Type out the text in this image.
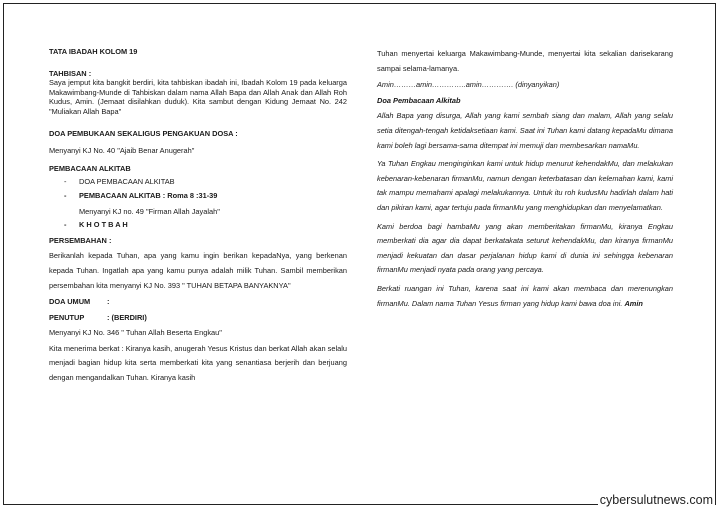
TATA IBADAH KOLOM 19

TAHBISAN :

Saya jemput kita bangkit berdiri, kita tahbiskan ibadah ini, Ibadah Kolom 19 pada keluarga Makawimbang-Munde di Tahbiskan dalam nama Allah Bapa dan Allah Anak dan Allah Roh Kudus, Amin. (Jemaat disilahkan duduk). Kita sambut dengan Kidung Jemaat No. 242 "Muliakan Allah Bapa"

DOA PEMBUKAAN SEKALIGUS PENGAKUAN DOSA :

Menyanyi KJ No. 40 "Ajaib Benar Anugerah"

PEMBACAAN ALKITAB

- DOA PEMBACAAN ALKITAB
- PEMBACAAN ALKITAB : Roma 8 :31-39

Menyanyi KJ no. 49 "Firman Allah Jayalah"

- K H O T B A H

PERSEMBAHAN :

Berikanlah kepada Tuhan, apa yang kamu ingin berikan kepadaNya, yang berkenan kepada Tuhan. Ingatlah apa yang kamu punya adalah milik Tuhan. Sambil memberikan persembahan kita menyanyi KJ No. 393 " TUHAN BETAPA BANYAKNYA"

DOA UMUM	:
PENUTUP	: (BERDIRI)

Menyanyi KJ No. 346 " Tuhan Allah Beserta Engkau"

Kita menerima berkat : Kiranya kasih, anugerah Yesus Kristus dan berkat Allah akan selalu menjadi bagian hidup kita serta memberkati kita yang senantiasa berjerih dan berjuang dengan mengandalkan Tuhan. Kiranya kasih

Tuhan menyertai keluarga Makawimbang-Munde, menyertai kita sekalian darisekarang sampai selama-lamanya.

Amin………amin…………..amin…………. (dinyanyikan)

Doa Pembacaan Alkitab

Allah Bapa yang disurga, Allah yang kami sembah siang dan malam, Allah yang selalu setia ditengah-tengah ketidaksetiaan kami. Saat ini Tuhan kami datang kepadaMu dimana kami boleh lagi bersama-sama ditempat ini memuji dan membesarkan namaMu.

Ya Tuhan Engkau menginginkan kami untuk hidup menurut kehendakMu, dan melakukan kebenaran-kebenaran firmanMu, namun dengan keterbatasan dan kelemahan kami, kami tak mampu memahami apalagi melakukannya. Untuk itu roh kudusMu hadirlah dalam hati dan pikiran kami, agar tertuju pada firmanMu yang menghidupkan dan menyelamatkan.

Kami berdoa bagi hambaMu yang akan memberitakan firmanMu, kiranya Engkau memberkati dia agar dia dapat berkatakata seturut kehendakMu, dan kiranya firmanMu menjadi kekuatan dan dasar perjalanan hidup kami di dunia ini sehingga kebenaran firmanMu menjadi nyata pada orang yang percaya.

Berkati ruangan ini Tuhan, karena saat ini kami akan membaca dan merenungkan firmanMu. Dalam nama Tuhan Yesus firman yang hidup kami bawa doa ini. Amin

cybersulutnews.com
